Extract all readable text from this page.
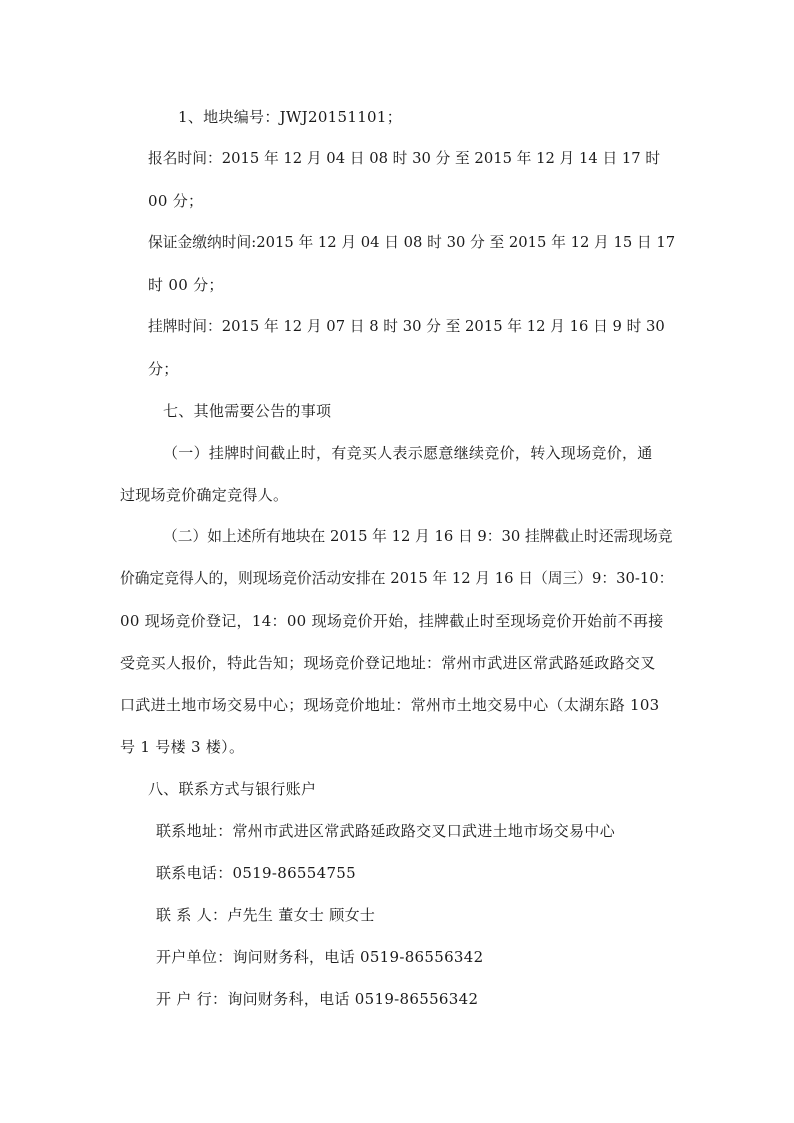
1、地块编号：JWJ20151101；
报名时间：2015 年 12 月 04 日 08 时 30 分 至 2015 年 12 月 14 日 17 时
00 分；
保证金缴纳时间:2015 年 12 月 04 日 08 时 30 分 至 2015 年 12 月 15 日 17
时 00 分；
挂牌时间：2015 年 12 月 07 日 8 时 30 分 至 2015 年 12 月 16 日 9 时 30
分；
七、其他需要公告的事项
（一）挂牌时间截止时，有竞买人表示愿意继续竞价，转入现场竞价，通
过现场竞价确定竞得人。
（二）如上述所有地块在 2015 年 12 月 16 日 9：30 挂牌截止时还需现场竞
价确定竞得人的，则现场竞价活动安排在 2015 年 12 月 16 日（周三）9：30-10：
00 现场竞价登记，14：00 现场竞价开始，挂牌截止时至现场竞价开始前不再接
受竞买人报价，特此告知；现场竞价登记地址：常州市武进区常武路延政路交叉
口武进土地市场交易中心；现场竞价地址：常州市土地交易中心（太湖东路 103
号 1 号楼 3 楼）。
八、联系方式与银行账户
联系地址：常州市武进区常武路延政路交叉口武进土地市场交易中心
联系电话：0519-86554755
联 系 人：卢先生 董女士 顾女士
开户单位：询问财务科，电话 0519-86556342
开 户 行：询问财务科，电话 0519-86556342
